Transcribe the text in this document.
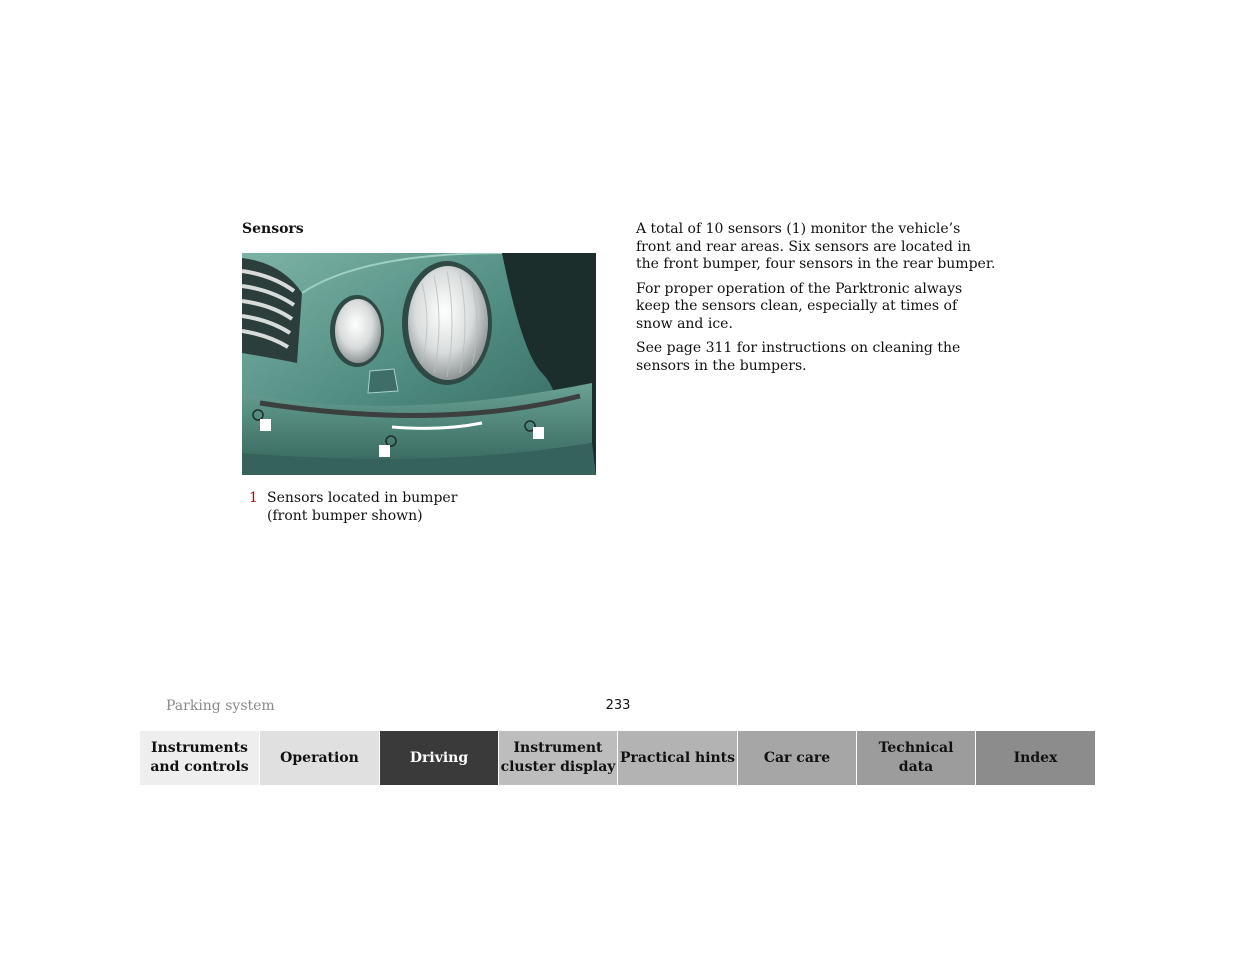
Sensors
1 Sensors located in bumper
(front bumper shown)

A total of 10 sensors (1) monitor the vehicle’s front and rear areas. Six sensors are located in the front bumper, four sensors in the rear bumper.

For proper operation of the Parktronic always keep the sensors clean, especially at times of snow and ice.

See page 311 for instructions on cleaning the sensors in the bumpers.

Parking system	233
Instruments
and controls
Operation	Driving
Instrument
cluster display
Practical hints	Car care
Technical
data
Index
